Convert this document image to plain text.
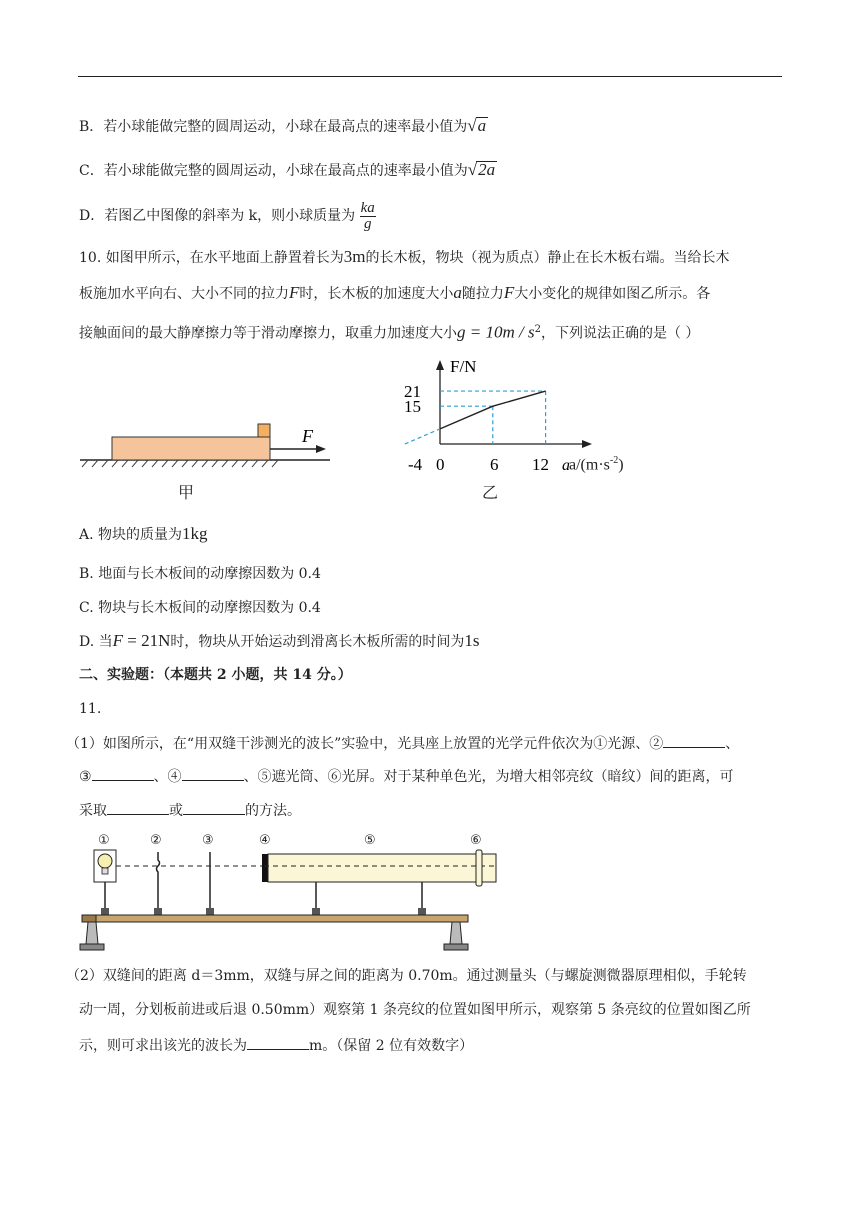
B．若小球能做完整的圆周运动，小球在最高点的速率最小值为√a
C．若小球能做完整的圆周运动，小球在最高点的速率最小值为√2a
D．若图乙中图像的斜率为 k，则小球质量为 $\frac{ka}{g}$
10. 如图甲所示，在水平地面上静置着长为3m的长木板，物块（视为质点）静止在长木板右端。当给长木
板施加水平向右、大小不同的拉力F时，长木板的加速度大小a随拉力F大小变化的规律如图乙所示。各
接触面间的最大静摩擦力等于滑动摩擦力，取重力加速度大小$g = 10m / s^2$，下列说法正确的是（ ）
F
甲
F/N
21
15
-4 0	6 12 a $a/(m\cdot s^{-2})$
乙
A. 物块的质量为1kg
B. 地面与长木板间的动摩擦因数为 0.4
C. 物块与长木板间的动摩擦因数为 0.4
D. 当F = 21N时，物块从开始运动到滑离长木板所需的时间为1s
二、实验题：（本题共 2 小题，共 14 分。）
11.
（1）如图所示，在“用双缝干涉测光的波长”实验中，光具座上放置的光学元件依次为①光源、②	、
③	、④	、⑤遮光筒、⑥光屏。对于某种单色光，为增大相邻亮纹（暗纹）间的距离，可
采取	或	的方法。
①	②	③	④	⑤	⑥
（2）双缝间的距离 d＝3mm，双缝与屏之间的距离为 0.70m。通过测量头（与螺旋测微器原理相似，手轮转
动一周，分划板前进或后退 0.50mm）观察第 1 条亮纹的位置如图甲所示，观察第 5 条亮纹的位置如图乙所
示，则可求出该光的波长为	m。（保留 2 位有效数字）
